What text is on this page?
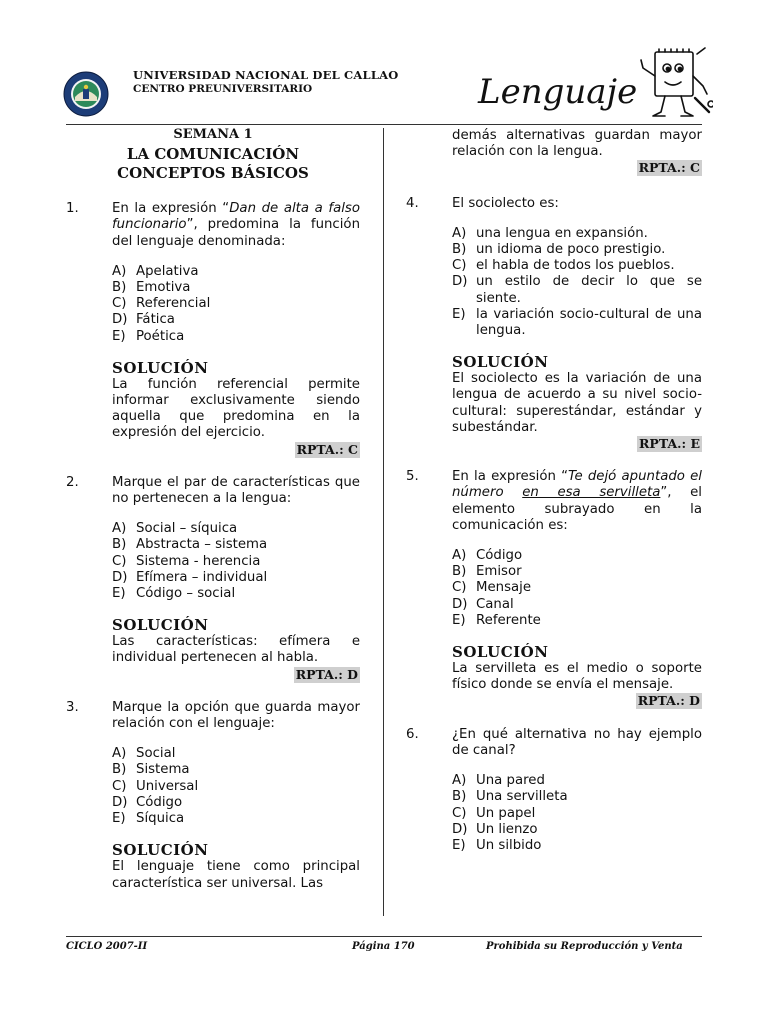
UNIVERSIDAD NACIONAL DEL CALLAO
CENTRO PREUNIVERSITARIO	Lenguaje
SEMANA 1
LA COMUNICACIÓN
CONCEPTOS BÁSICOS
1.	En la expresión “Dan de alta a falso funcionario”, predomina la función del lenguaje denominada:
A) Apelativa
B) Emotiva
C) Referencial
D) Fática
E) Poética
SOLUCIÓN
La función referencial permite informar exclusivamente siendo aquella que predomina en la expresión del ejercicio.
RPTA.: C
2.	Marque el par de características que no pertenecen a la lengua:
A) Social – síquica
B) Abstracta – sistema
C) Sistema - herencia
D) Efímera – individual
E) Código – social
SOLUCIÓN
Las características: efímera e individual pertenecen al habla.
RPTA.: D
3.	Marque la opción que guarda mayor relación con el lenguaje:
A) Social
B) Sistema
C) Universal
D) Código
E) Síquica
SOLUCIÓN
El lenguaje tiene como principal característica ser universal. Las
demás alternativas guardan mayor relación con la lengua.
RPTA.: C
4.	El sociolecto es:
A) una lengua en expansión.
B) un idioma de poco prestigio.
C) el habla de todos los pueblos.
D) un estilo de decir lo que se siente.
E) la variación socio-cultural de una lengua.
SOLUCIÓN
El sociolecto es la variación de una lengua de acuerdo a su nivel socio-cultural: superestándar, estándar y subestándar.
RPTA.: E
5.	En la expresión “Te dejó apuntado el número en esa servilleta”, el elemento subrayado en la comunicación es:
A) Código
B) Emisor
C) Mensaje
D) Canal
E) Referente
SOLUCIÓN
La servilleta es el medio o soporte físico donde se envía el mensaje.
RPTA.: D
6.	¿En qué alternativa no hay ejemplo de canal?
A) Una pared
B) Una servilleta
C) Un papel
D) Un lienzo
E) Un silbido
CICLO 2007-II	Página 170	Prohibida su Reproducción y Venta
